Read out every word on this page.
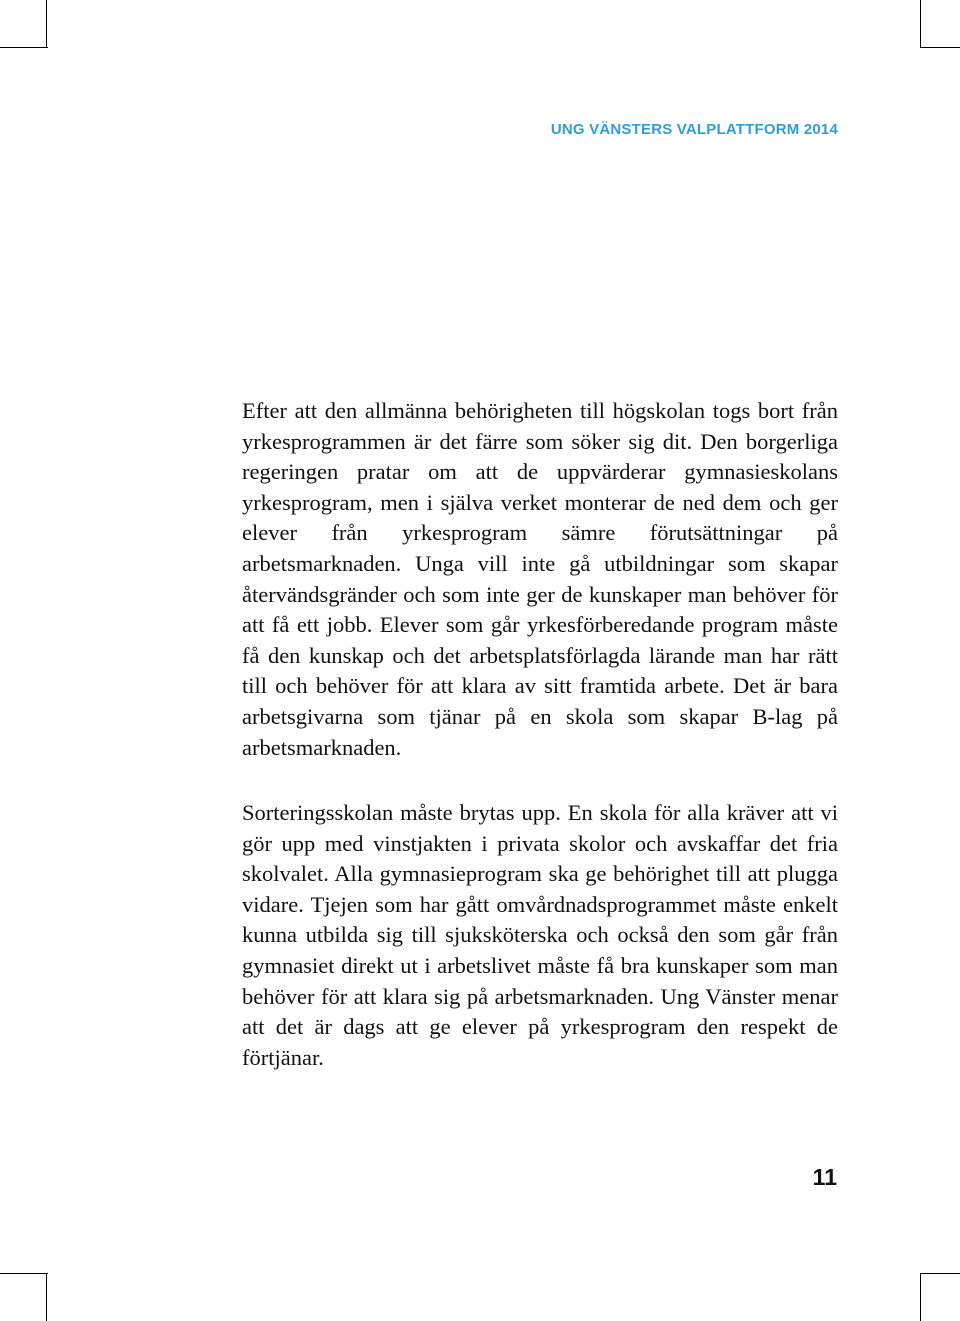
UNG VÄNSTERS VALPLATTFORM 2014

Efter att den allmänna behörigheten till högskolan togs bort från yrkesprogrammen är det färre som söker sig dit. Den borgerliga regeringen pratar om att de uppvärderar gymnasieskolans yrkesprogram, men i själva verket monterar de ned dem och ger elever från yrkesprogram sämre förutsättningar på arbetsmarknaden. Unga vill inte gå utbildningar som skapar återvändsgränder och som inte ger de kunskaper man behöver för att få ett jobb. Elever som går yrkesförberedande program måste få den kunskap och det arbetsplatsförlagda lärande man har rätt till och behöver för att klara av sitt framtida arbete. Det är bara arbetsgivarna som tjänar på en skola som skapar B-lag på arbetsmarknaden.

Sorteringsskolan måste brytas upp. En skola för alla kräver att vi gör upp med vinstjakten i privata skolor och avskaffar det fria skolvalet. Alla gymnasieprogram ska ge behörighet till att plugga vidare. Tjejen som har gått omvårdnadsprogrammet måste enkelt kunna utbilda sig till sjuksköterska och också den som går från gymnasiet direkt ut i arbetslivet måste få bra kunskaper som man behöver för att klara sig på arbetsmarknaden. Ung Vänster menar att det är dags att ge elever på yrkesprogram den respekt de förtjänar.

11
